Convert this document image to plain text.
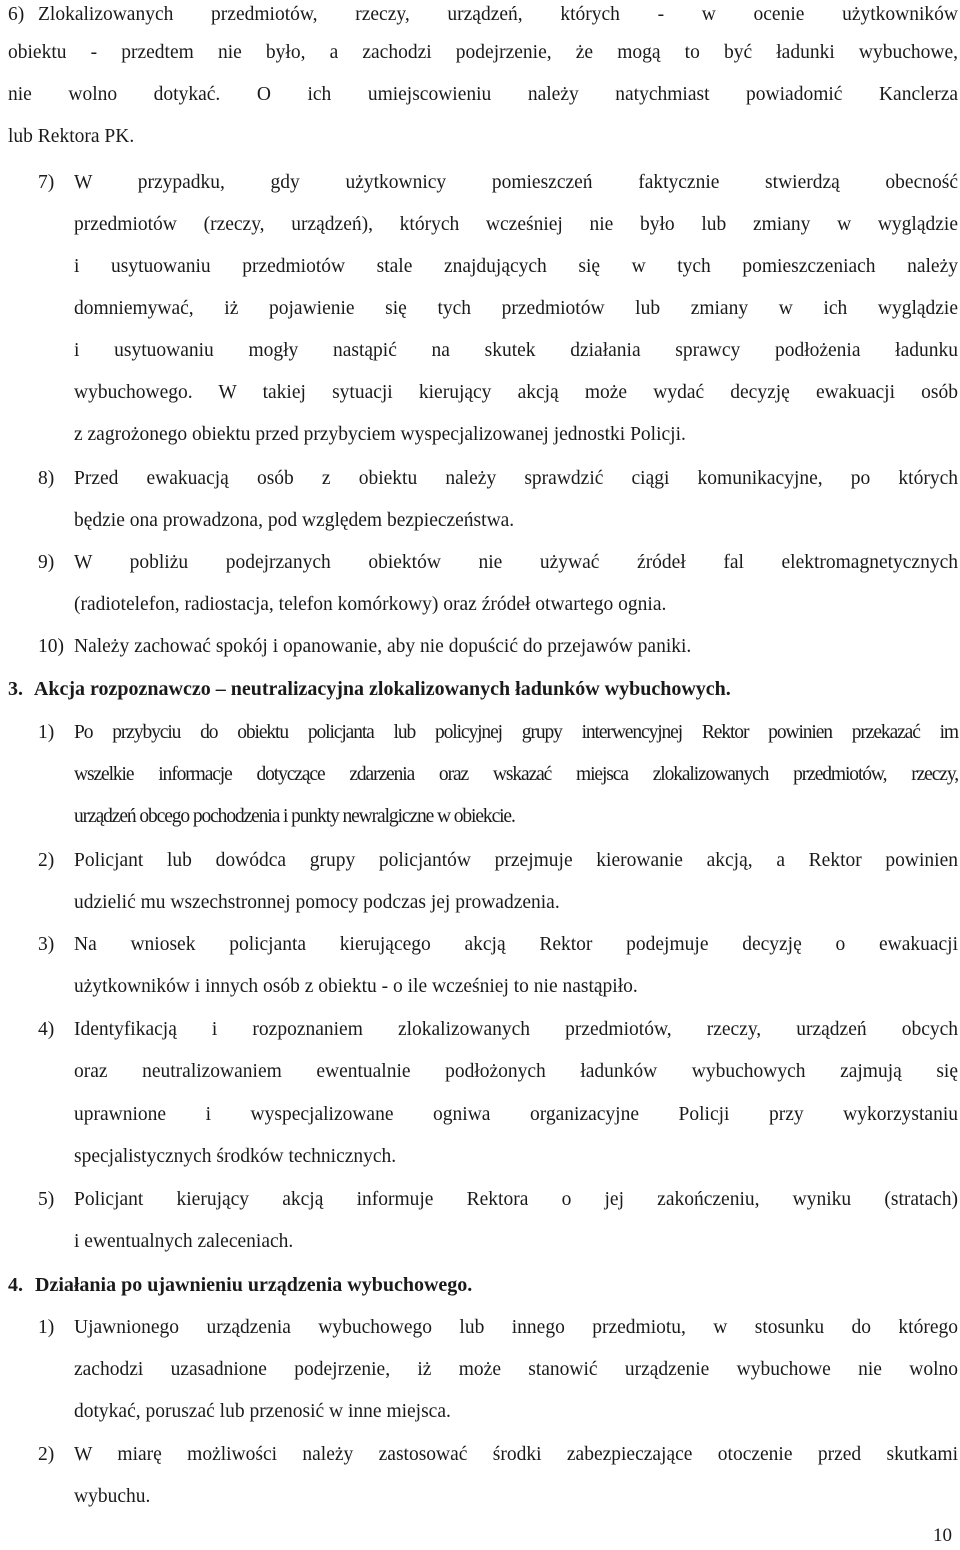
6) Zlokalizowanych przedmiotów, rzeczy, urządzeń, których - w ocenie użytkowników
obiektu - przedtem nie było, a zachodzi podejrzenie, że mogą to być ładunki wybuchowe,
nie wolno dotykać. O ich umiejscowieniu należy natychmiast powiadomić Kanclerza
lub Rektora PK.
7) W przypadku, gdy użytkownicy pomieszczeń faktycznie stwierdzą obecność
przedmiotów (rzeczy, urządzeń), których wcześniej nie było lub zmiany w wyglądzie
i usytuowaniu przedmiotów stale znajdujących się w tych pomieszczeniach należy
domniemywać, iż pojawienie się tych przedmiotów lub zmiany w ich wyglądzie
i usytuowaniu mogły nastąpić na skutek działania sprawcy podłożenia ładunku
wybuchowego. W takiej sytuacji kierujący akcją może wydać decyzję ewakuacji osób
z zagrożonego obiektu przed przybyciem wyspecjalizowanej jednostki Policji.
8) Przed ewakuacją osób z obiektu należy sprawdzić ciągi komunikacyjne, po których
będzie ona prowadzona, pod względem bezpieczeństwa.
9) W pobliżu podejrzanych obiektów nie używać źródeł fal elektromagnetycznych
(radiotelefon, radiostacja, telefon komórkowy) oraz źródeł otwartego ognia.
10) Należy zachować spokój i opanowanie, aby nie dopuścić do przejawów paniki.
3. Akcja rozpoznawczo – neutralizacyjna zlokalizowanych ładunków wybuchowych.
1) Po przybyciu do obiektu policjanta lub policyjnej grupy interwencyjnej Rektor powinien przekazać im
wszelkie informacje dotyczące zdarzenia oraz wskazać miejsca zlokalizowanych przedmiotów, rzeczy,
urządzeń obcego pochodzenia i punkty newralgiczne w obiekcie.
2) Policjant lub dowódca grupy policjantów przejmuje kierowanie akcją, a Rektor powinien
udzielić mu wszechstronnej pomocy podczas jej prowadzenia.
3) Na wniosek policjanta kierującego akcją Rektor podejmuje decyzję o ewakuacji
użytkowników i innych osób z obiektu - o ile wcześniej to nie nastąpiło.
4) Identyfikacją i rozpoznaniem zlokalizowanych przedmiotów, rzeczy, urządzeń obcych
oraz neutralizowaniem ewentualnie podłożonych ładunków wybuchowych zajmują się
uprawnione i wyspecjalizowane ogniwa organizacyjne Policji przy wykorzystaniu
specjalistycznych środków technicznych.
5) Policjant kierujący akcją informuje Rektora o jej zakończeniu, wyniku (stratach)
i ewentualnych zaleceniach.
4. Działania po ujawnieniu urządzenia wybuchowego.
1) Ujawnionego urządzenia wybuchowego lub innego przedmiotu, w stosunku do którego
zachodzi uzasadnione podejrzenie, iż może stanowić urządzenie wybuchowe nie wolno
dotykać, poruszać lub przenosić w inne miejsca.
2) W miarę możliwości należy zastosować środki zabezpieczające otoczenie przed skutkami
wybuchu.
10
